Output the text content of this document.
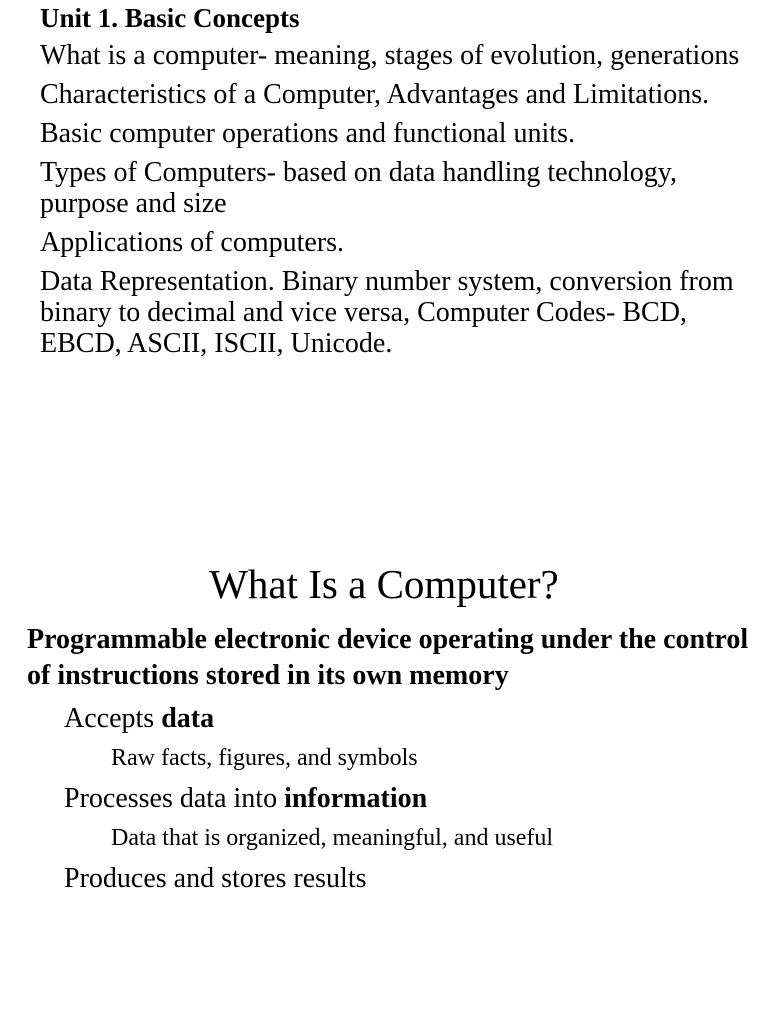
Unit 1. Basic Concepts
What is a computer- meaning, stages of evolution, generations
Characteristics of a Computer, Advantages and Limitations.
Basic computer operations and functional units.
Types of Computers- based on data handling technology, purpose and size
Applications of computers.
Data Representation. Binary number system, conversion from binary to decimal and vice versa, Computer Codes- BCD, EBCD, ASCII, ISCII, Unicode.
What Is a Computer?
Programmable electronic device operating under the control of instructions stored in its own memory
Accepts data
Raw facts, figures, and symbols
Processes data into information
Data that is organized, meaningful, and useful
Produces and stores results
